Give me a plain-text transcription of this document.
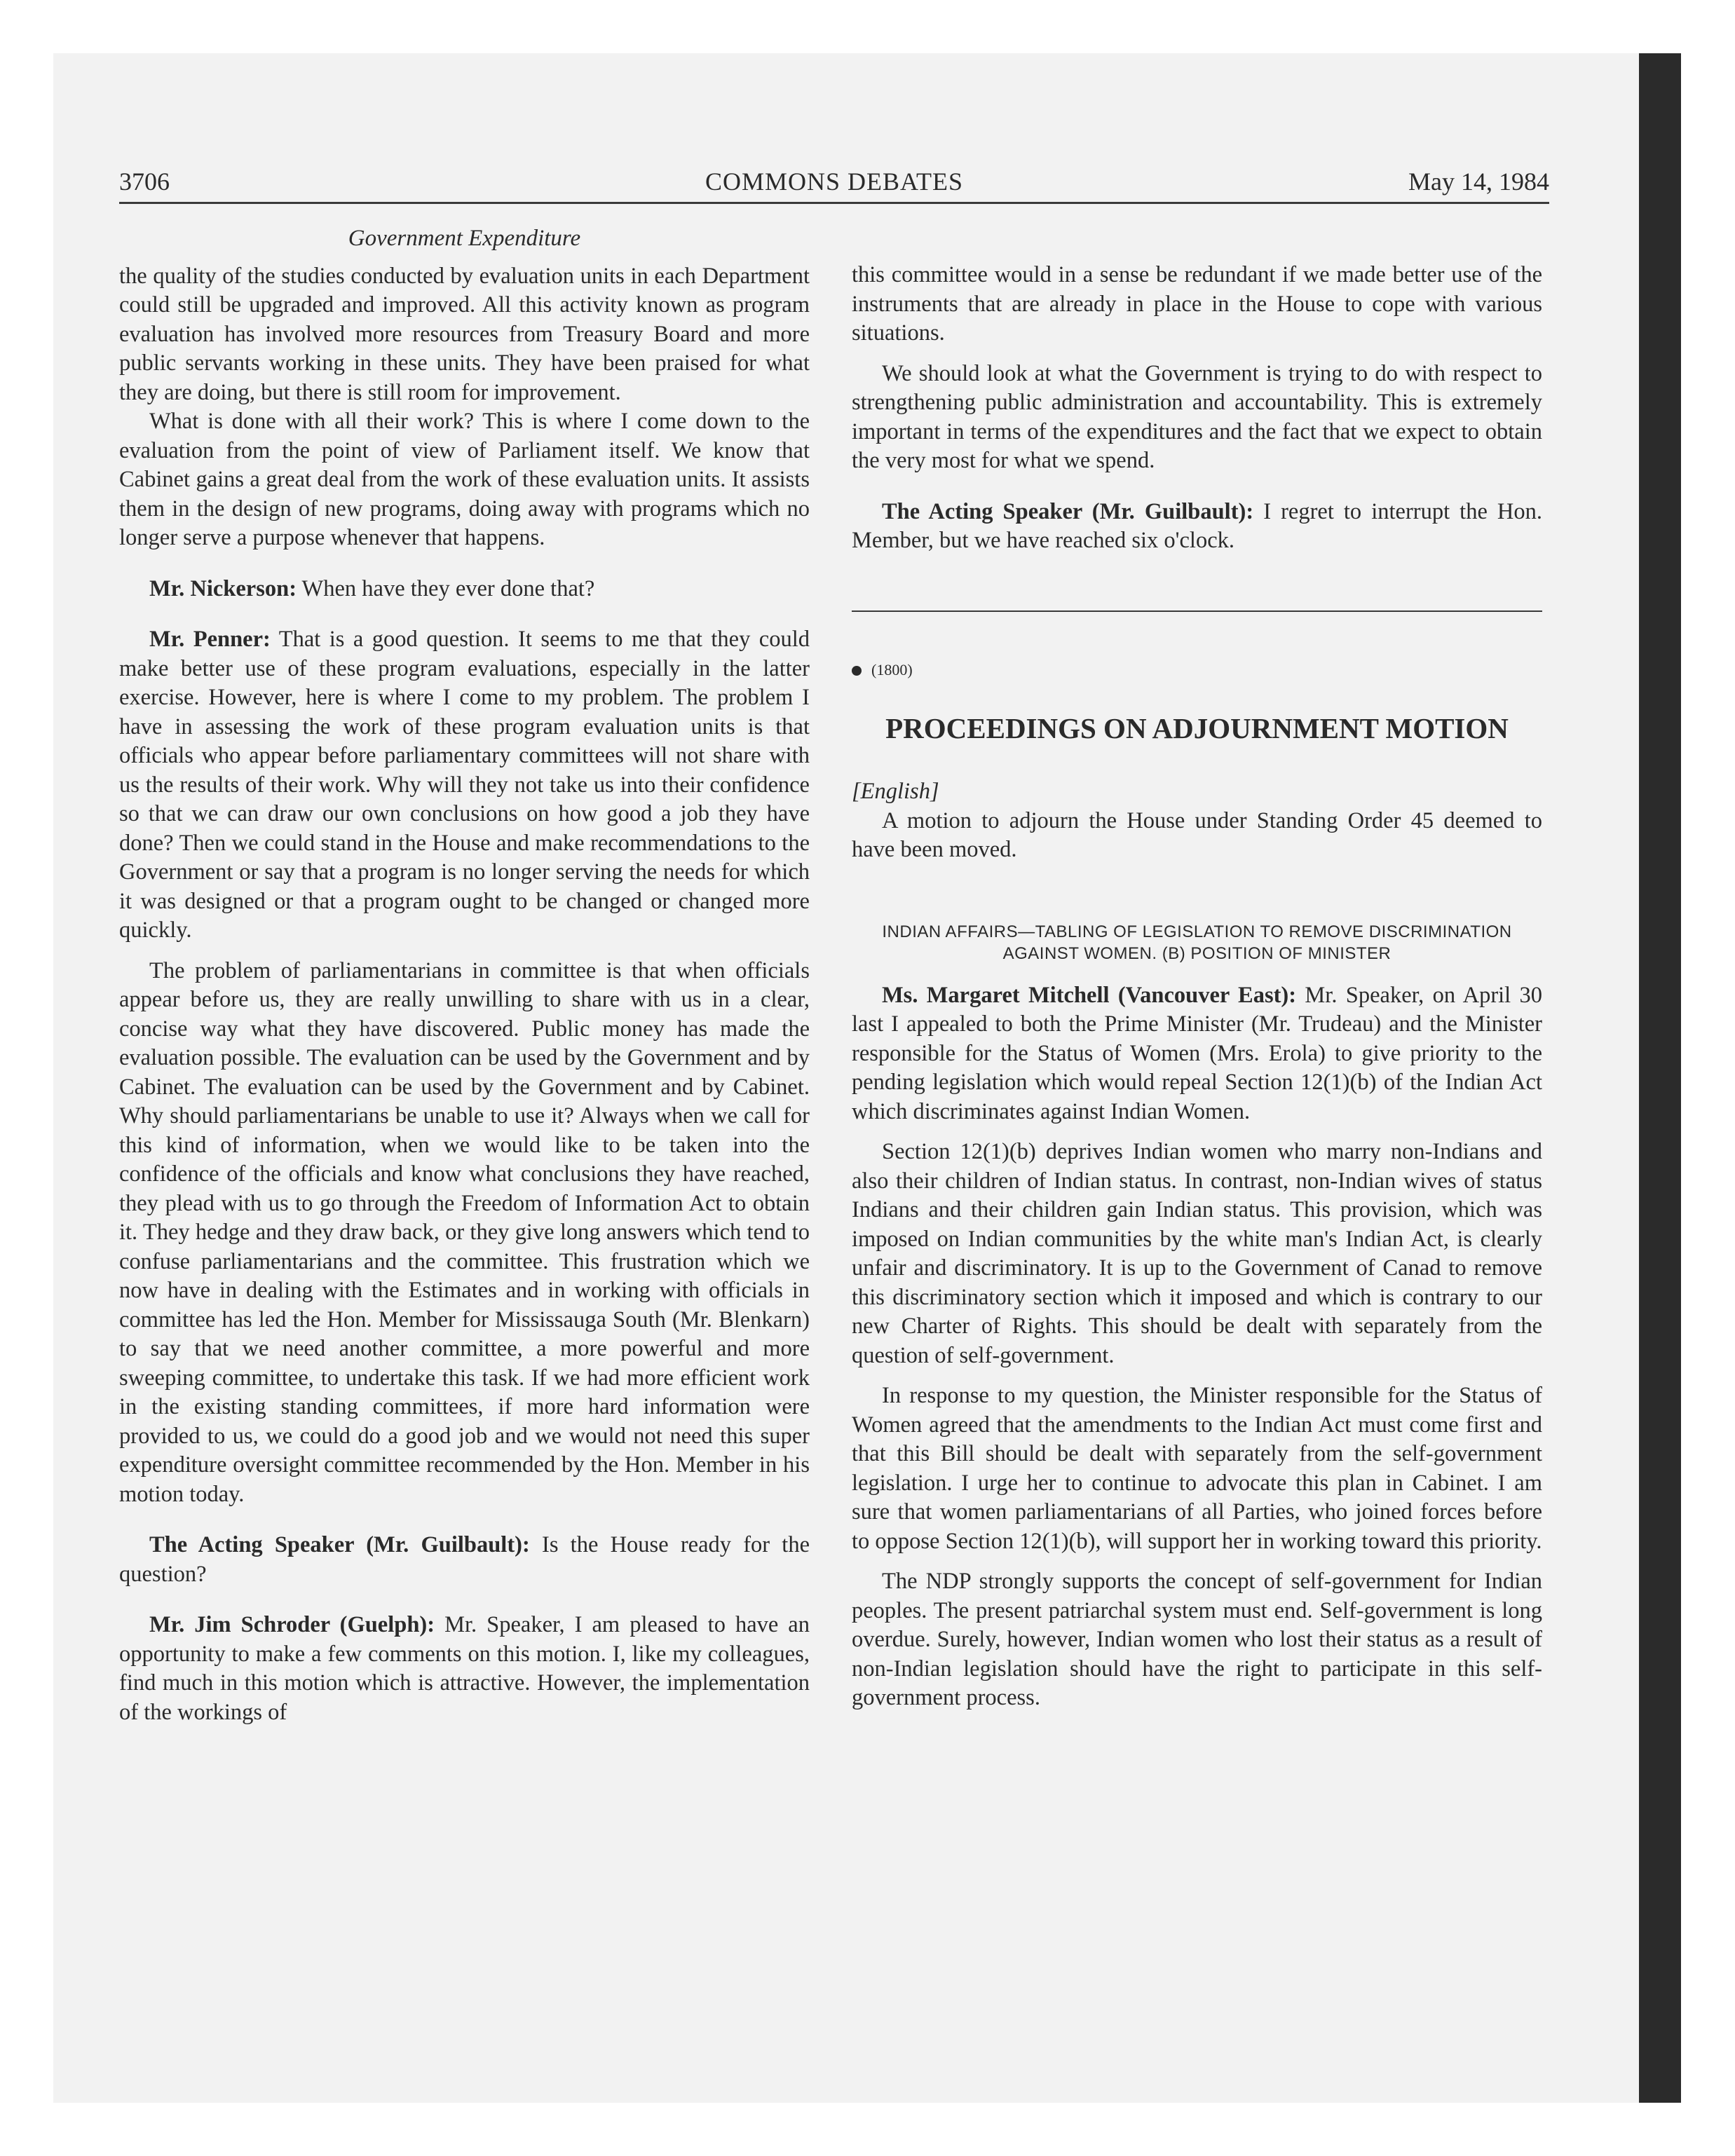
3706	COMMONS DEBATES	May 14, 1984
Government Expenditure

the quality of the studies conducted by evaluation units in each Department could still be upgraded and improved. All this activity known as program evaluation has involved more resources from Treasury Board and more public servants working in these units. They have been praised for what they are doing, but there is still room for improvement.

What is done with all their work? This is where I come down to the evaluation from the point of view of Parliament itself. We know that Cabinet gains a great deal from the work of these evaluation units. It assists them in the design of new programs, doing away with programs which no longer serve a purpose whenever that happens.

Mr. Nickerson: When have they ever done that?

Mr. Penner: That is a good question. It seems to me that they could make better use of these program evaluations, especially in the latter exercise. However, here is where I come to my problem. The problem I have in assessing the work of these program evaluation units is that officials who appear before parliamentary committees will not share with us the results of their work. Why will they not take us into their confidence so that we can draw our own conclusions on how good a job they have done? Then we could stand in the House and make recommendations to the Government or say that a program is no longer serving the needs for which it was designed or that a program ought to be changed or changed more quickly.

The problem of parliamentarians in committee is that when officials appear before us, they are really unwilling to share with us in a clear, concise way what they have discovered. Public money has made the evaluation possible. The evaluation can be used by the Government and by Cabinet. The evaluation can be used by the Government and by Cabinet. Why should parliamentarians be unable to use it? Always when we call for this kind of information, when we would like to be taken into the confidence of the officials and know what conclusions they have reached, they plead with us to go through the Freedom of Information Act to obtain it. They hedge and they draw back, or they give long answers which tend to confuse parliamentarians and the committee. This frustration which we now have in dealing with the Estimates and in working with officials in committee has led the Hon. Member for Mississauga South (Mr. Blenkarn) to say that we need another committee, a more powerful and more sweeping committee, to undertake this task. If we had more efficient work in the existing standing committees, if more hard information were provided to us, we could do a good job and we would not need this super expenditure oversight committee recommended by the Hon. Member in his motion today.

The Acting Speaker (Mr. Guilbault): Is the House ready for the question?

Mr. Jim Schroder (Guelph): Mr. Speaker, I am pleased to have an opportunity to make a few comments on this motion. I, like my colleagues, find much in this motion which is attractive. However, the implementation of the workings of

this committee would in a sense be redundant if we made better use of the instruments that are already in place in the House to cope with various situations.

We should look at what the Government is trying to do with respect to strengthening public administration and accountability. This is extremely important in terms of the expenditures and the fact that we expect to obtain the very most for what we spend.

The Acting Speaker (Mr. Guilbault): I regret to interrupt the Hon. Member, but we have reached six o'clock.

(1800)
PROCEEDINGS ON ADJOURNMENT MOTION

[English]

A motion to adjourn the House under Standing Order 45 deemed to have been moved.

INDIAN AFFAIRS—TABLING OF LEGISLATION TO REMOVE DISCRIMINATION AGAINST WOMEN. (B) POSITION OF MINISTER

Ms. Margaret Mitchell (Vancouver East): Mr. Speaker, on April 30 last I appealed to both the Prime Minister (Mr. Trudeau) and the Minister responsible for the Status of Women (Mrs. Erola) to give priority to the pending legislation which would repeal Section 12(1)(b) of the Indian Act which discriminates against Indian Women.

Section 12(1)(b) deprives Indian women who marry non-Indians and also their children of Indian status. In contrast, non-Indian wives of status Indians and their children gain Indian status. This provision, which was imposed on Indian communities by the white man's Indian Act, is clearly unfair and discriminatory. It is up to the Government of Canad to remove this discriminatory section which it imposed and which is contrary to our new Charter of Rights. This should be dealt with separately from the question of self-government.

In response to my question, the Minister responsible for the Status of Women agreed that the amendments to the Indian Act must come first and that this Bill should be dealt with separately from the self-government legislation. I urge her to continue to advocate this plan in Cabinet. I am sure that women parliamentarians of all Parties, who joined forces before to oppose Section 12(1)(b), will support her in working toward this priority.

The NDP strongly supports the concept of self-government for Indian peoples. The present patriarchal system must end. Self-government is long overdue. Surely, however, Indian women who lost their status as a result of non-Indian legislation should have the right to participate in this self-government process.
